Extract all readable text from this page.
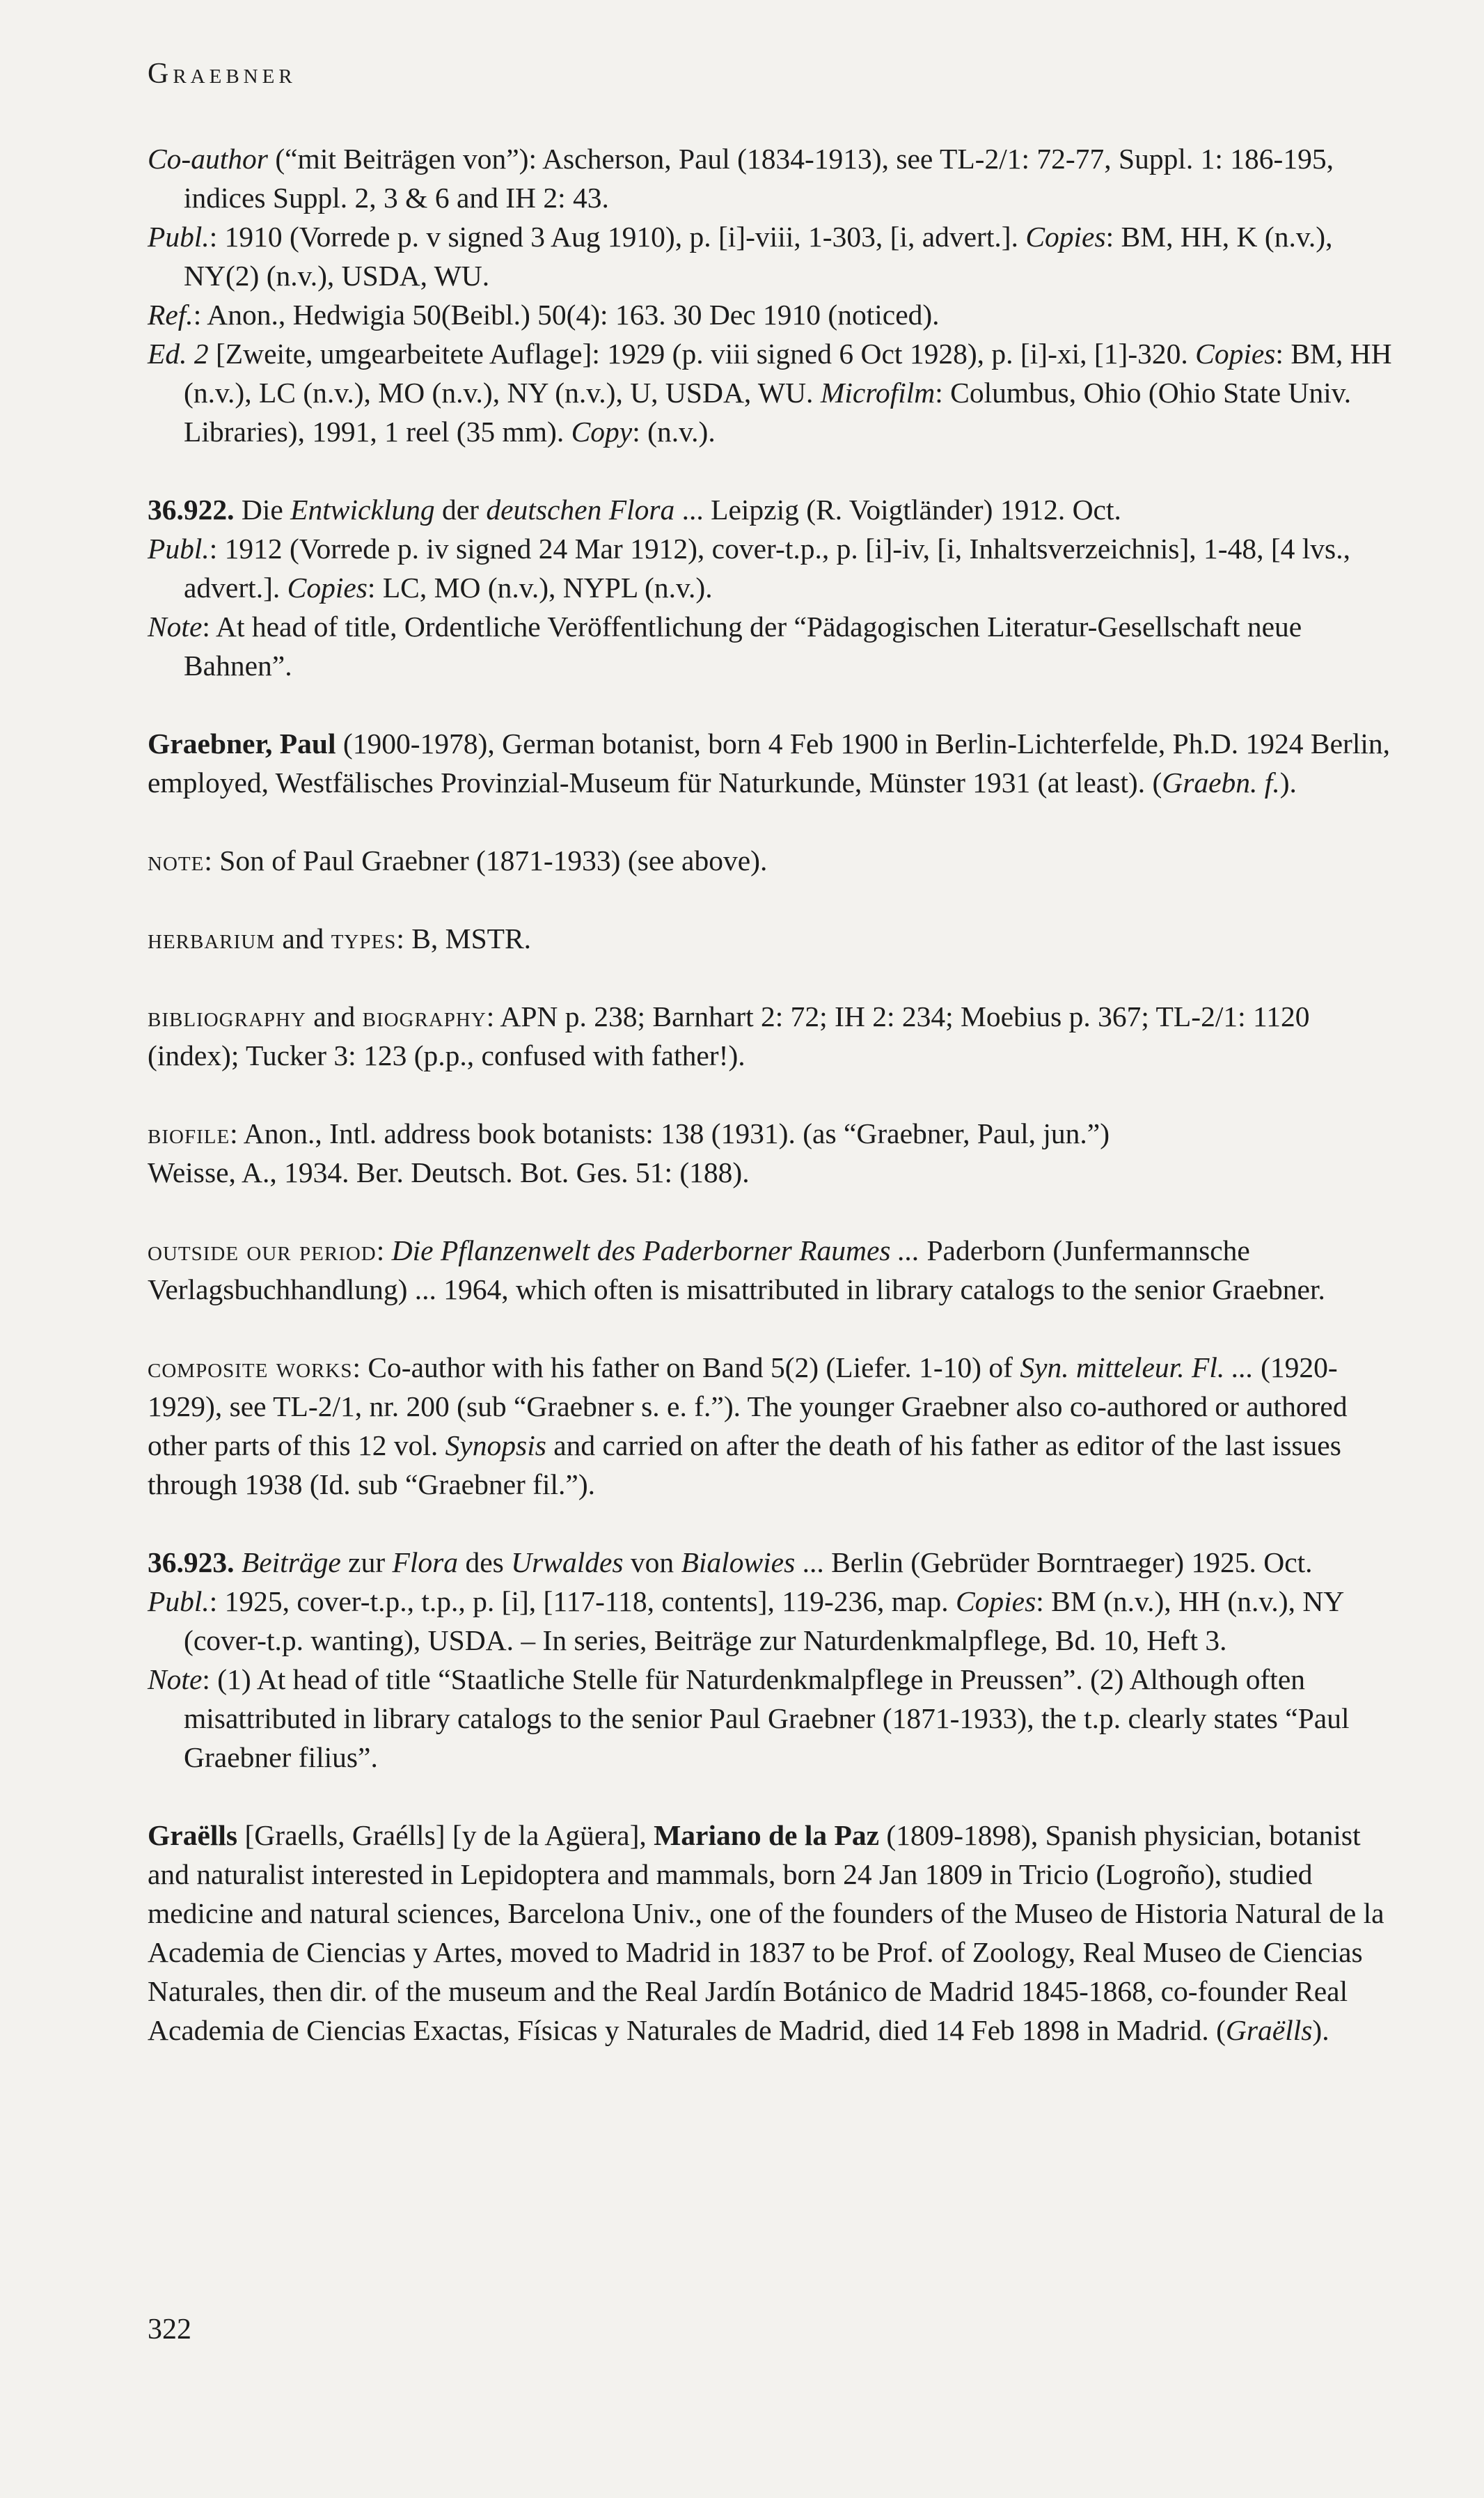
Graebner

Co-author (“mit Beiträgen von”): Ascherson, Paul (1834-1913), see TL-2/1: 72-77, Suppl. 1: 186-195, indices Suppl. 2, 3 & 6 and IH 2: 43.

Publ.: 1910 (Vorrede p. v signed 3 Aug 1910), p. [i]-viii, 1-303, [i, advert.]. Copies: BM, HH, K (n.v.), NY(2) (n.v.), USDA, WU.

Ref.: Anon., Hedwigia 50(Beibl.) 50(4): 163. 30 Dec 1910 (noticed).

Ed. 2 [Zweite, umgearbeitete Auflage]: 1929 (p. viii signed 6 Oct 1928), p. [i]-xi, [1]-320. Copies: BM, HH (n.v.), LC (n.v.), MO (n.v.), NY (n.v.), U, USDA, WU. Microfilm: Columbus, Ohio (Ohio State Univ. Libraries), 1991, 1 reel (35 mm). Copy: (n.v.).

36.922. Die Entwicklung der deutschen Flora ... Leipzig (R. Voigtländer) 1912. Oct.

Publ.: 1912 (Vorrede p. iv signed 24 Mar 1912), cover-t.p., p. [i]-iv, [i, Inhaltsverzeichnis], 1-48, [4 lvs., advert.]. Copies: LC, MO (n.v.), NYPL (n.v.).

Note: At head of title, Ordentliche Veröffentlichung der “Pädagogischen Literatur-Gesellschaft neue Bahnen”.

Graebner, Paul (1900-1978), German botanist, born 4 Feb 1900 in Berlin-Lichterfelde, Ph.D. 1924 Berlin, employed, Westfälisches Provinzial-Museum für Naturkunde, Münster 1931 (at least). (Graebn. f.).

note: Son of Paul Graebner (1871-1933) (see above).

herbarium and types: B, MSTR.

bibliography and biography: APN p. 238; Barnhart 2: 72; IH 2: 234; Moebius p. 367; TL-2/1: 1120 (index); Tucker 3: 123 (p.p., confused with father!).

biofile: Anon., Intl. address book botanists: 138 (1931). (as “Graebner, Paul, jun.”)

Weisse, A., 1934. Ber. Deutsch. Bot. Ges. 51: (188).

outside our period: Die Pflanzenwelt des Paderborner Raumes ... Paderborn (Junfermannsche Verlagsbuchhandlung) ... 1964, which often is misattributed in library catalogs to the senior Graebner.

composite works: Co-author with his father on Band 5(2) (Liefer. 1-10) of Syn. mitteleur. Fl. ... (1920-1929), see TL-2/1, nr. 200 (sub “Graebner s. e. f.”). The younger Graebner also co-authored or authored other parts of this 12 vol. Synopsis and carried on after the death of his father as editor of the last issues through 1938 (Id. sub “Graebner fil.”).

36.923. Beiträge zur Flora des Urwaldes von Bialowies ... Berlin (Gebrüder Borntraeger) 1925. Oct.

Publ.: 1925, cover-t.p., t.p., p. [i], [117-118, contents], 119-236, map. Copies: BM (n.v.), HH (n.v.), NY (cover-t.p. wanting), USDA. – In series, Beiträge zur Naturdenkmalpflege, Bd. 10, Heft 3.

Note: (1) At head of title “Staatliche Stelle für Naturdenkmalpflege in Preussen”. (2) Although often misattributed in library catalogs to the senior Paul Graebner (1871-1933), the t.p. clearly states “Paul Graebner filius”.

Graëlls [Graells, Graélls] [y de la Agüera], Mariano de la Paz (1809-1898), Spanish physician, botanist and naturalist interested in Lepidoptera and mammals, born 24 Jan 1809 in Tricio (Logroño), studied medicine and natural sciences, Barcelona Univ., one of the founders of the Museo de Historia Natural de la Academia de Ciencias y Artes, moved to Madrid in 1837 to be Prof. of Zoology, Real Museo de Ciencias Naturales, then dir. of the museum and the Real Jardín Botánico de Madrid 1845-1868, co-founder Real Academia de Ciencias Exactas, Físicas y Naturales de Madrid, died 14 Feb 1898 in Madrid. (Graëlls).

322
